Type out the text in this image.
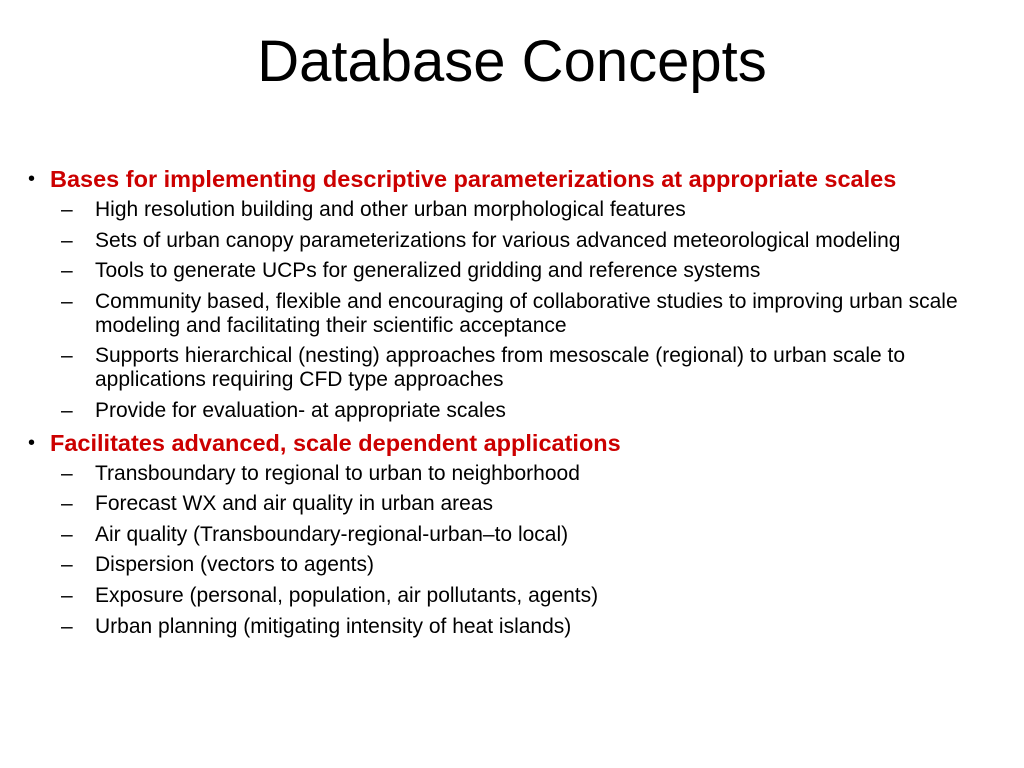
Database Concepts
• Bases for implementing descriptive parameterizations at appropriate scales
– High resolution building and other urban morphological features
– Sets of urban canopy parameterizations for various advanced meteorological modeling
– Tools to generate UCPs for generalized gridding and reference systems
– Community based, flexible and encouraging of collaborative studies to improving urban scale modeling and facilitating their scientific acceptance
– Supports hierarchical (nesting) approaches from mesoscale (regional) to urban scale to applications requiring CFD type approaches
– Provide for evaluation- at appropriate scales
• Facilitates advanced, scale dependent applications
– Transboundary to regional to urban to neighborhood
– Forecast WX and air quality in urban areas
– Air quality (Transboundary-regional-urban–to local)
– Dispersion (vectors to agents)
– Exposure (personal, population, air pollutants, agents)
– Urban planning (mitigating intensity of heat islands)
